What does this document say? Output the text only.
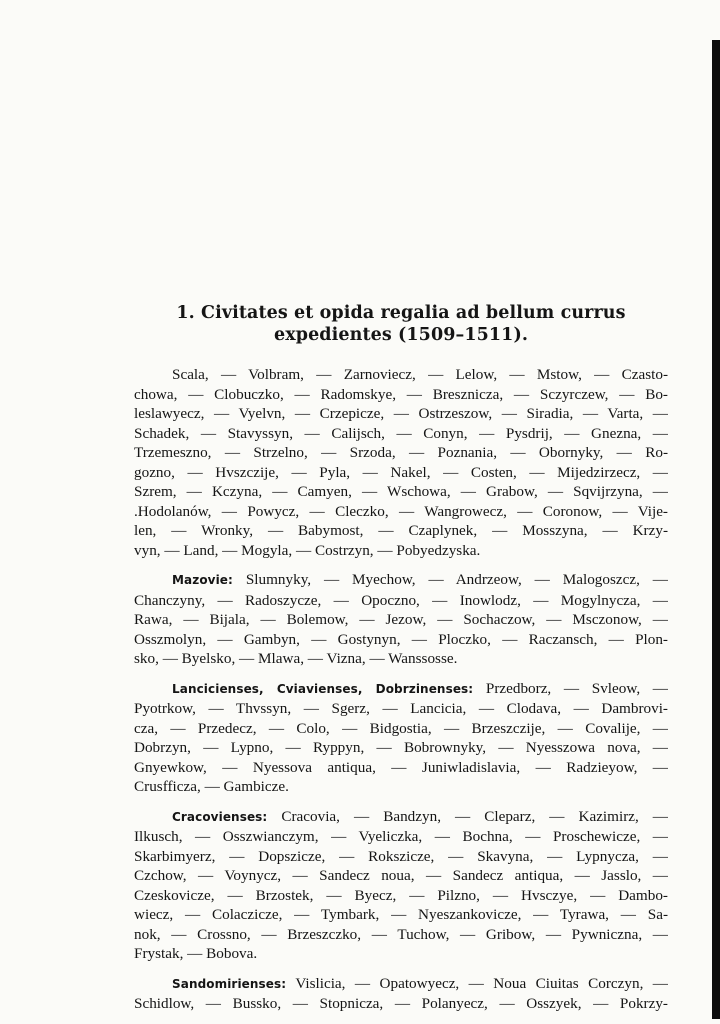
1. Civitates et opida regalia ad bellum currus
expedientes (1509–1511).
Scala, — Volbram, — Zarnoviecz, — Lelow, — Mstow, — Czasto-
chowa, — Clobuczko, — Radomskye, — Bresznicza, — Sczyrczew, — Bo-
leslawyecz, — Vyelvn, — Crzepicze, — Ostrzeszow, — Siradia, — Varta, —
Schadek, — Stavyssyn, — Calijsch, — Conyn, — Pysdrij, — Gnezna, —
Trzemeszno, — Strzelno, — Srzoda, — Poznania, — Obornyky, — Ro-
gozno, — Hvszczije, — Pyla, — Nakel, — Costen, — Mijedzirzecz, —
Szrem, — Kczyna, — Camyen, — Wschowa, — Grabow, — Sqvijrzyna, —
.Hodolanów, — Powycz, — Cleczko, — Wangrowecz, — Coronow, — Vije-
len, — Wronky, — Babymost, — Czaplynek, — Mosszyna, — Krzy-
vyn, — Land, — Mogyla, — Costrzyn, — Pobyedzyska.
Mazovie: Slumnyky, — Myechow, — Andrzeow, — Malogoszcz, —
Chanczyny, — Radoszycze, — Opoczno, — Inowlodz, — Mogylnycza, —
Rawa, — Bijala, — Bolemow, — Jezow, — Sochaczow, — Msczonow, —
Osszmolyn, — Gambyn, — Gostynyn, — Ploczko, — Raczansch, — Plon-
sko, — Byelsko, — Mlawa, — Vizna, — Wanssosse.
Lancicienses, Cviavienses, Dobrzinenses: Przedborz, — Svleow, —
Pyotrkow, — Thvssyn, — Sgerz, — Lancicia, — Clodava, — Dambrovi-
cza, — Przedecz, — Colo, — Bidgostia, — Brzeszczije, — Covalije, —
Dobrzyn, — Lypno, — Ryppyn, — Bobrownyky, — Nyesszowa nova, —
Gnyewkow, — Nyessova antiqua, — Juniwladislavia, — Radzieyow, —
Crusfficza, — Gambicze.
Cracovienses: Cracovia, — Bandzyn, — Cleparz, — Kazimirz, —
Ilkusch, — Osszwianczym, — Vyeliczka, — Bochna, — Proschewicze, —
Skarbimyerz, — Dopszicze, — Rokszicze, — Skavyna, — Lypnycza, —
Czchow, — Voynycz, — Sandecz noua, — Sandecz antiqua, — Jasslo, —
Czeskovicze, — Brzostek, — Byecz, — Pilzno, — Hvsczye, — Dambo-
wiecz, — Colaczicze, — Tymbark, — Nyeszankovicze, — Tyrawa, — Sa-
nok, — Crossno, — Brzeszczko, — Tuchow, — Gribow, — Pywniczna, —
Frystak, — Bobova.
Sandomirienses: Vislicia, — Opatowyecz, — Noua Ciuitas Corczyn, —
Schidlow, — Bussko, — Stopnicza, — Polanyecz, — Osszyek, — Pokrzy-
